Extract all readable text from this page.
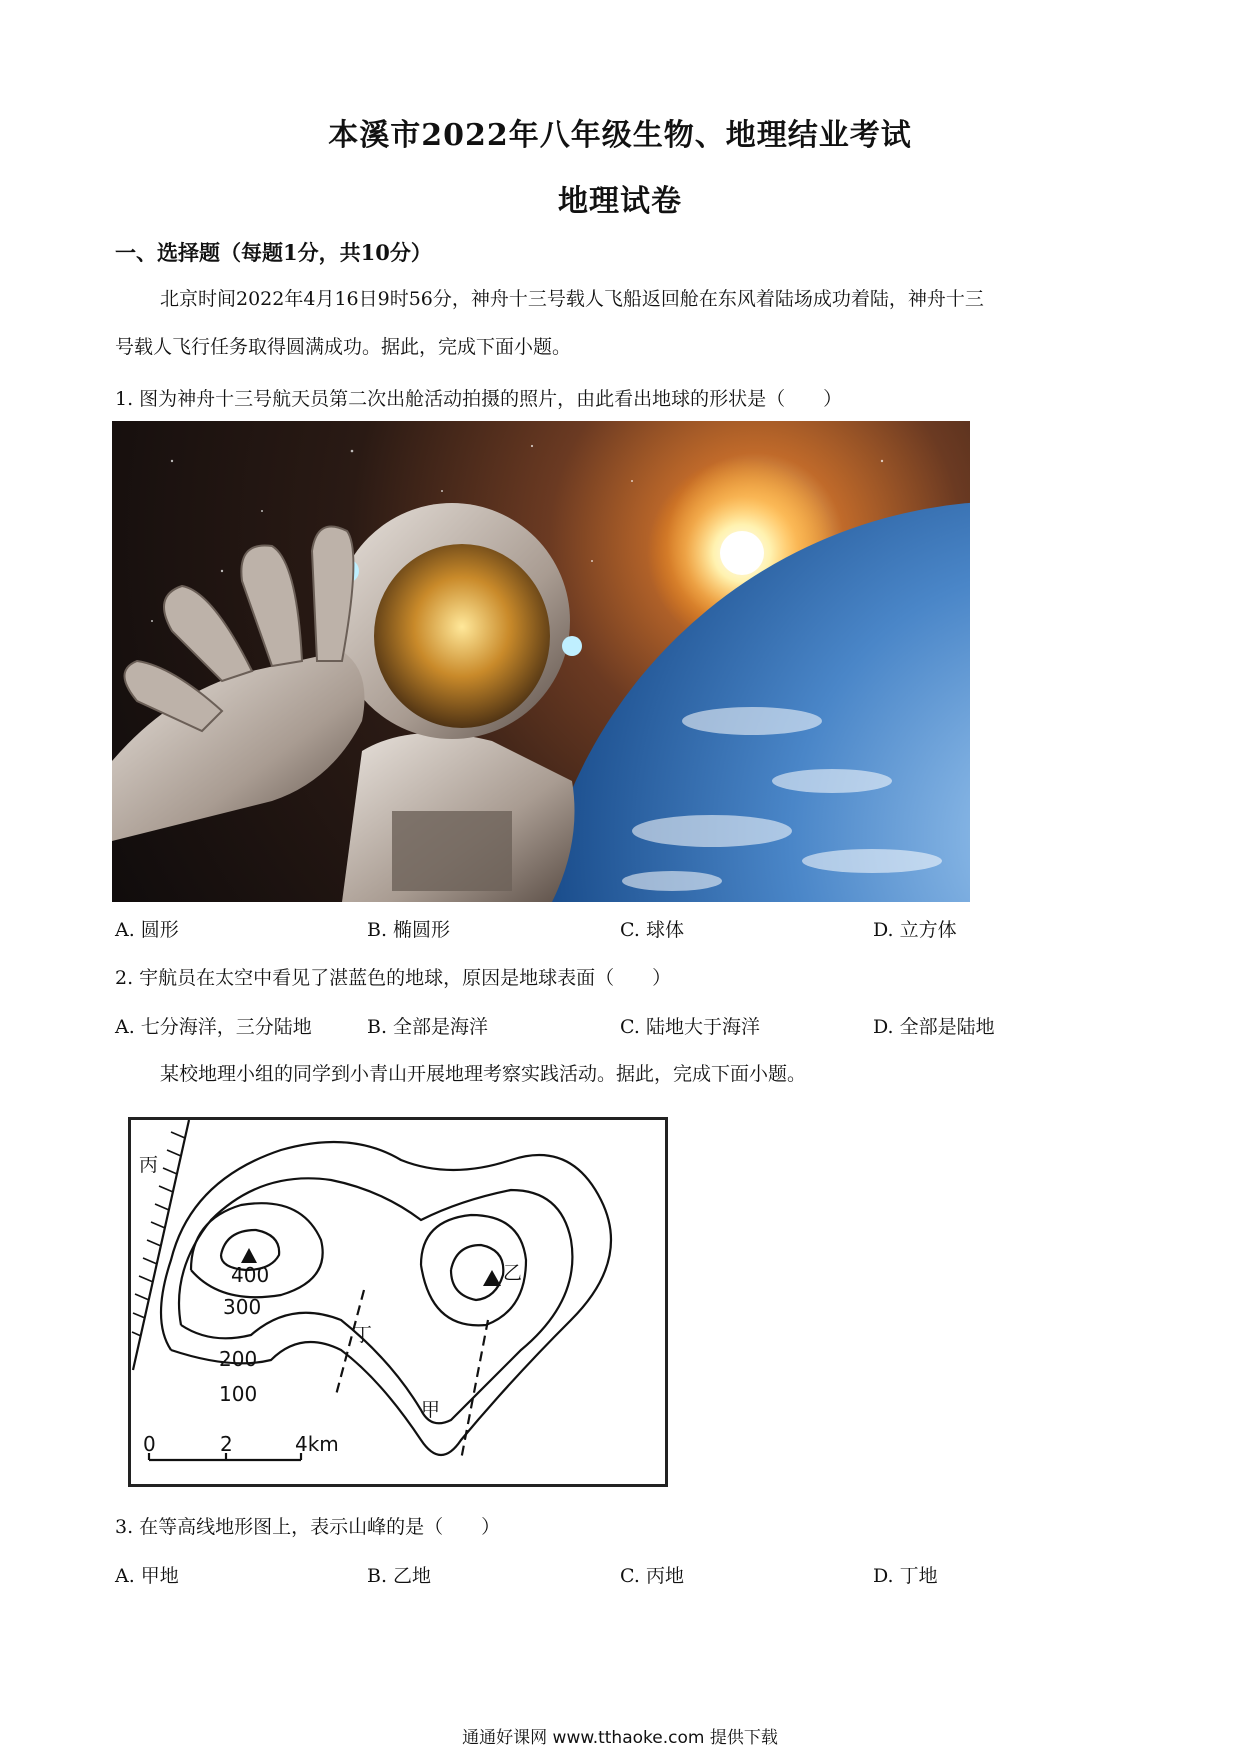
本溪市2022年八年级生物、地理结业考试
地理试卷
一、选择题（每题1分，共10分）
北京时间2022年4月16日9时56分，神舟十三号载人飞船返回舱在东风着陆场成功着陆，神舟十三
号载人飞行任务取得圆满成功。据此，完成下面小题。
1. 图为神舟十三号航天员第二次出舱活动拍摄的照片，由此看出地球的形状是（　　）
A. 圆形	B. 椭圆形	C. 球体	D. 立方体
2. 宇航员在太空中看见了湛蓝色的地球，原因是地球表面（　　）
A. 七分海洋，三分陆地	B. 全部是海洋	C. 陆地大于海洋	D. 全部是陆地
某校地理小组的同学到小青山开展地理考察实践活动。据此，完成下面小题。
丙
乙
丁
甲
400
300
200
100
0	2	4km
3. 在等高线地形图上，表示山峰的是（　　）
A. 甲地	B. 乙地	C. 丙地	D. 丁地
通通好课网 www.tthaoke.com 提供下载
